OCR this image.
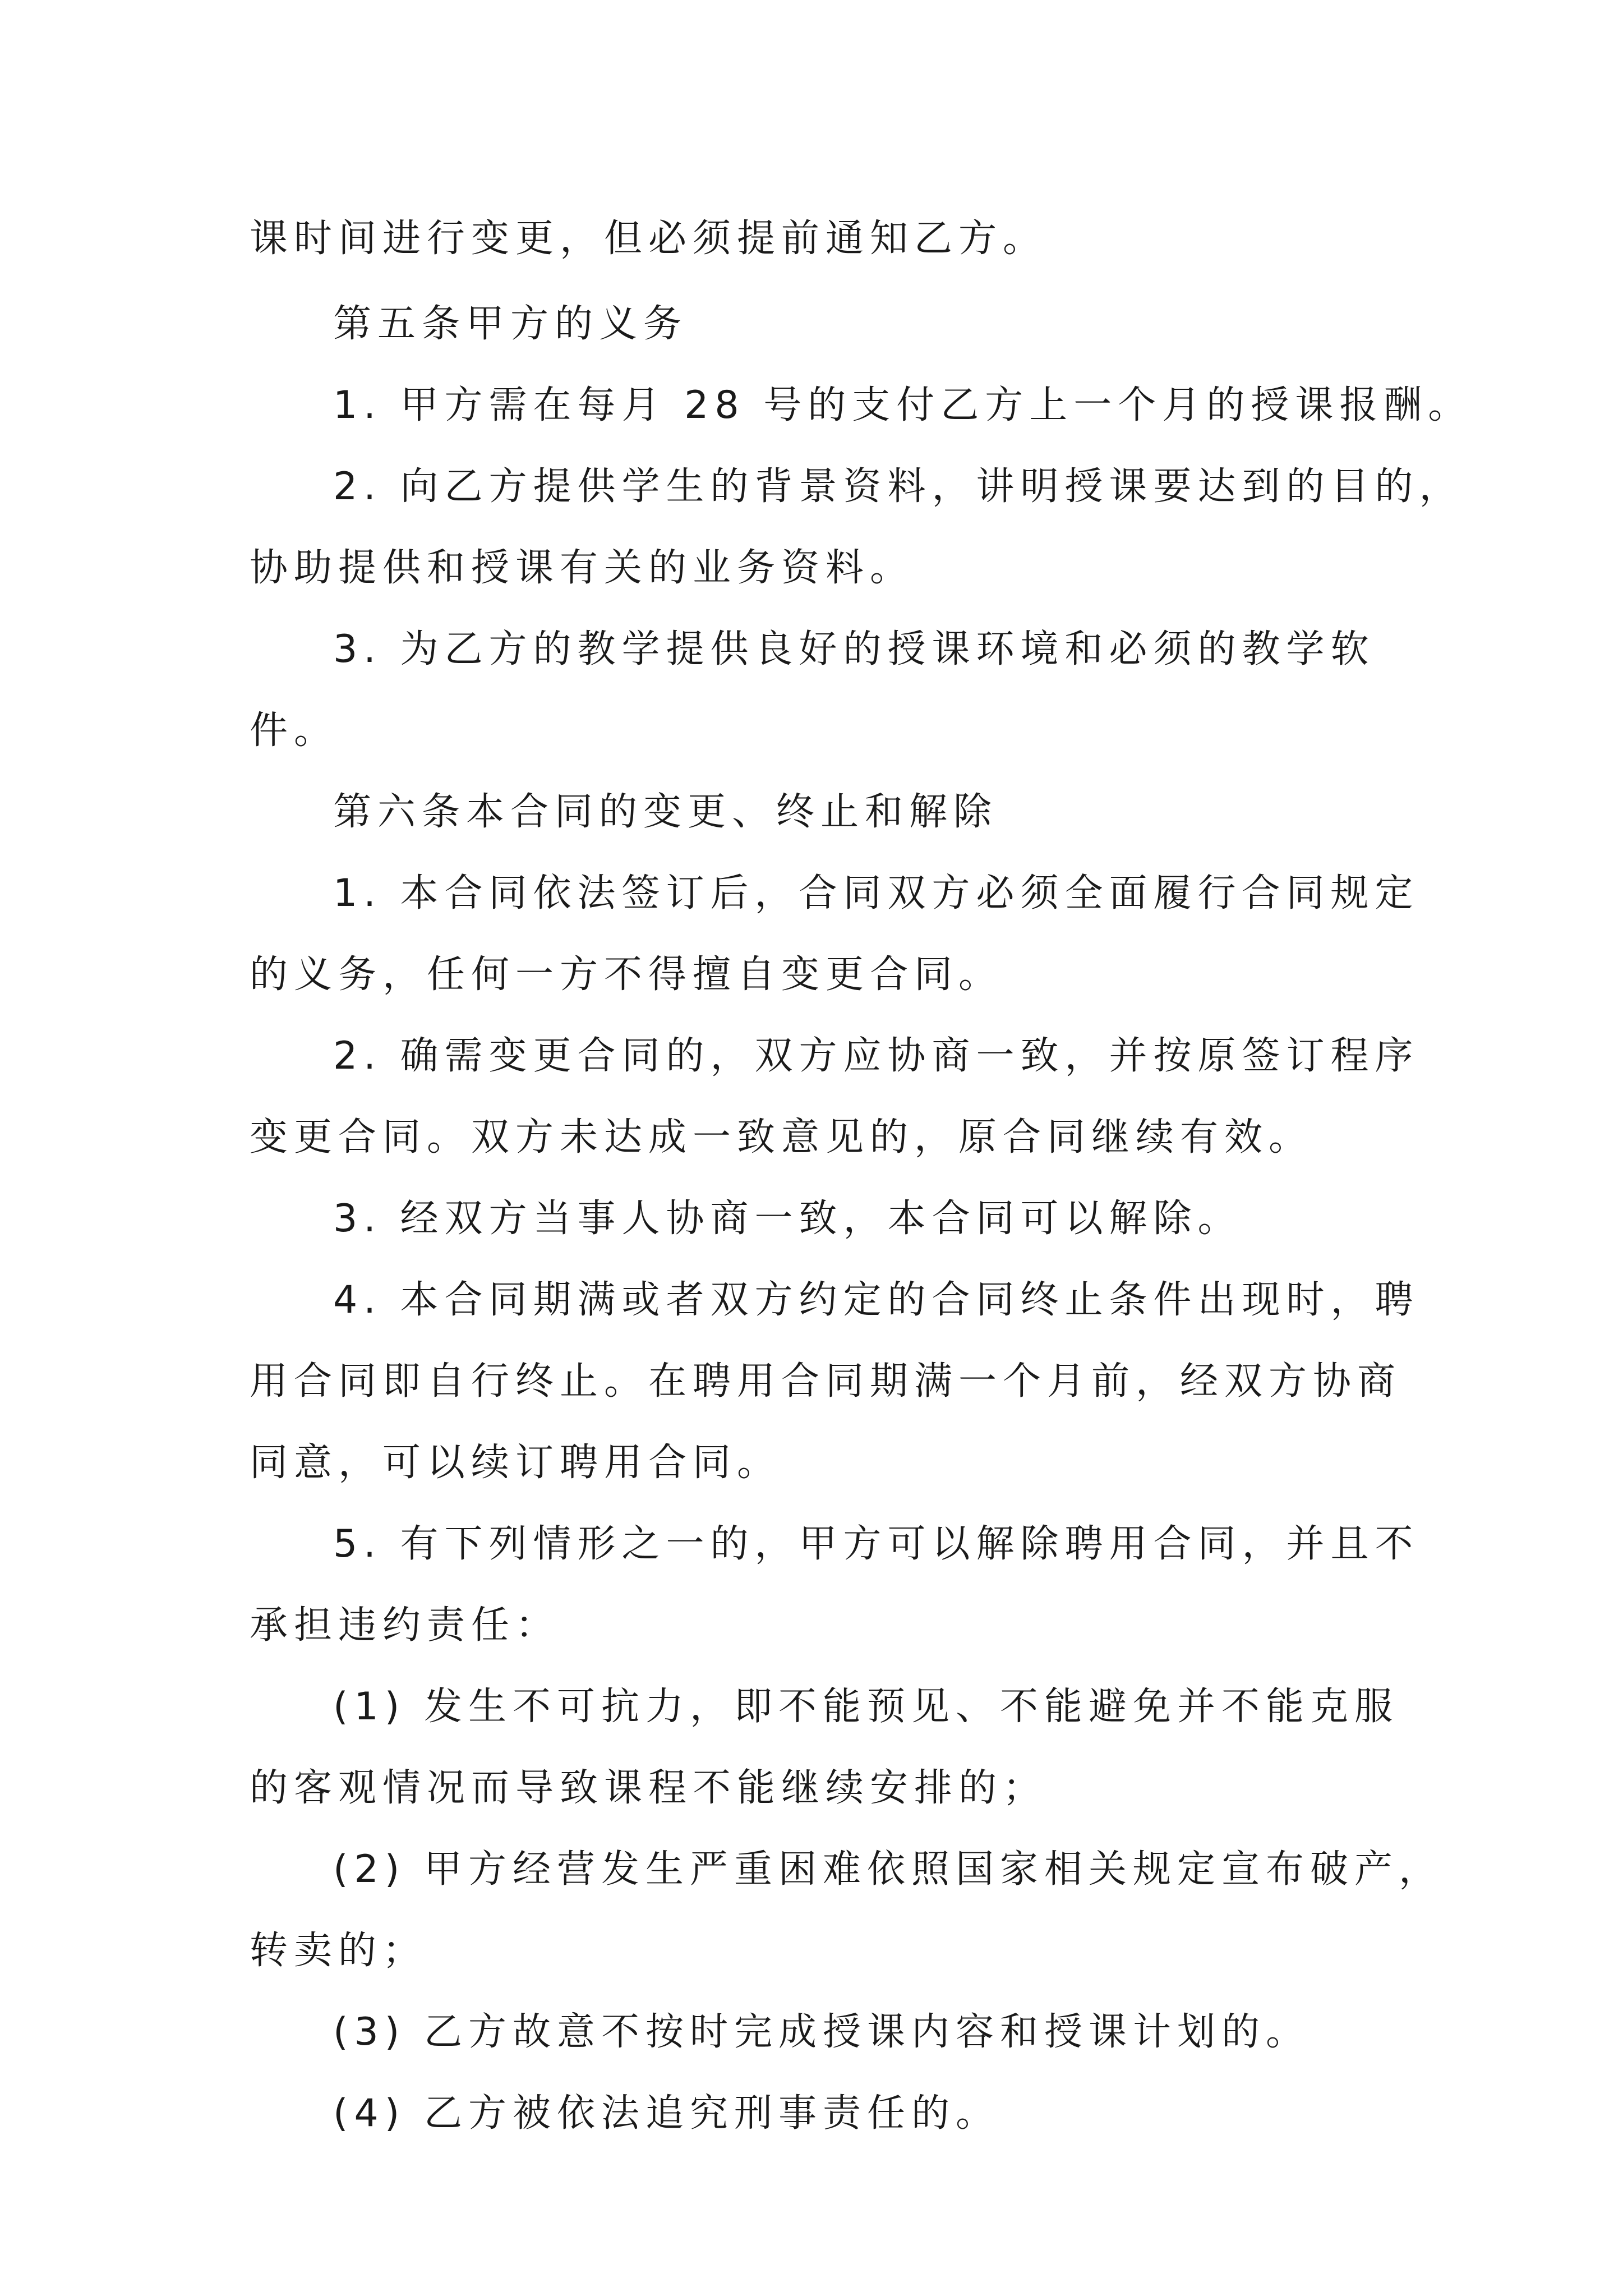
课时间进行变更，但必须提前通知乙方。

第五条甲方的义务

1. 甲方需在每月 28 号的支付乙方上一个月的授课报酬。

2. 向乙方提供学生的背景资料，讲明授课要达到的目的，

协助提供和授课有关的业务资料。

3. 为乙方的教学提供良好的授课环境和必须的教学软

件。

第六条本合同的变更、终止和解除

1. 本合同依法签订后，合同双方必须全面履行合同规定

的义务，任何一方不得擅自变更合同。

2. 确需变更合同的，双方应协商一致，并按原签订程序

变更合同。双方未达成一致意见的，原合同继续有效。

3. 经双方当事人协商一致，本合同可以解除。

4. 本合同期满或者双方约定的合同终止条件出现时，聘

用合同即自行终止。在聘用合同期满一个月前，经双方协商

同意，可以续订聘用合同。

5. 有下列情形之一的，甲方可以解除聘用合同，并且不

承担违约责任：

(1) 发生不可抗力，即不能预见、不能避免并不能克服

的客观情况而导致课程不能继续安排的；

(2) 甲方经营发生严重困难依照国家相关规定宣布破产，

转卖的；

(3) 乙方故意不按时完成授课内容和授课计划的。

(4) 乙方被依法追究刑事责任的。
